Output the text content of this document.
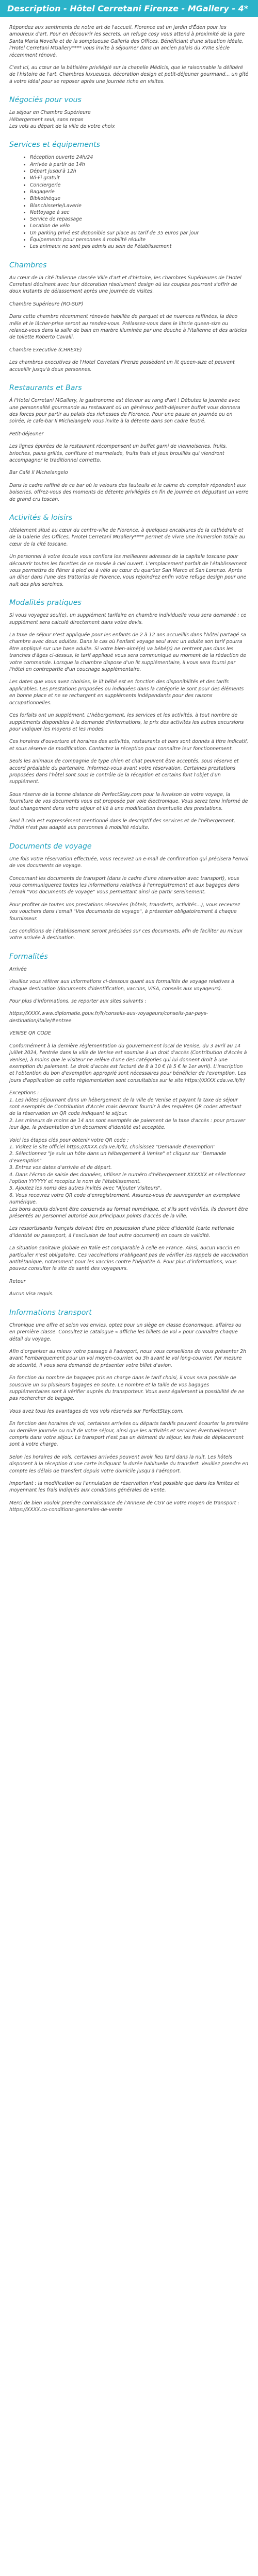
Description - Hôtel Cerretani Firenze - MGallery - 4*

Répondez aux sentiments de notre art de l'accueil. Florence est un jardin d'Éden pour les amoureux d'art. Pour en découvrir les secrets, un refuge cosy vous attend à proximité de la gare Santa Maria Novella et de la somptueuse Galleria des Offices. Bénéficiant d'une situation idéale, l'Hotel Cerretani MGallery**** vous invite à séjourner dans un ancien palais du XVIIe siècle récemment rénové.

C'est ici, au cœur de la bâtisière privilégié sur la chapelle Médicis, que le raisonnable la délibéré de l'histoire de l'art. Chambres luxueuses, décoration design et petit-déjeuner gourmand... un gîté à votre idéal pour se reposer après une journée riche en visites.

Négociés pour vous

La séjour en Chambre Supérieure
Hébergement seul, sans repas
Les vols au départ de la ville de votre choix

Services et équipements
• Réception ouverte 24h/24
• Arrivée à partir de 14h
• Départ jusqu'à 12h
• Wi-Fi gratuit
• Conciergerie
• Bagagerie
• Bibliothèque
• Blanchisserie/Laverie
• Nettoyage à sec
• Service de repassage
• Location de vélo
• Un parking privé est disponible sur place au tarif de 35 euros par jour
• Équipements pour personnes à mobilité réduite
• Les animaux ne sont pas admis au sein de l'établissement
Chambres

Au cœur de la cité italienne classée Ville d'art et d'histoire, les chambres Supérieures de l'Hotel Cerretani déclinent avec leur décoration résolument design où les couples pourront s'offrir de doux instants de délassement après une journée de visites.

Chambre Supérieure (RO-SUP)

Dans cette chambre récemment rénovée habillée de parquet et de nuances raffinées, la déco mêle et le lâcher-prise seront au rendez-vous. Prélassez-vous dans le literie queen-size ou relaxez-vous dans la salle de bain en marbre illuminée par une douche à l'italienne et des articles de toilette Roberto Cavalli.

Chambre Executive (CHREXE)

Les chambres executives de l'Hotel Cerretani Firenze possèdent un lit queen-size et peuvent accueillir jusqu'à deux personnes.

Restaurants et Bars

À l'Hotel Cerretani MGallery, le gastronome est éleveur au rang d'art ! Débutez la journée avec une personnalité gourmande au restaurant où un généreux petit-déjeuner buffet vous donnera des forces pour partir au palais des richesses de Florence. Pour une pause en journée ou en soirée, le cafe-bar Il Michelangelo vous invite à la détente dans son cadre feutré.

Petit-déjeuner

Les lignes épurées de la restaurant récompensent un buffet garni de viennoiseries, fruits, brioches, pains grillés, confiture et marmelade, fruits frais et jeux brouillés qui viendront accompagner le traditionnel cornetto.

Bar Café Il Michelangelo

Dans le cadre raffiné de ce bar où le velours des fauteuils et le calme du comptoir répondent aux boiseries, offrez-vous des moments de détente privilégiés en fin de journée en dégustant un verre de grand cru toscan.

Activités & loisirs

Idéalement situé au cœur du centre-ville de Florence, à quelques encablures de la cathédrale et de la Galerie des Offices, l'Hotel Cerretani MGallery**** permet de vivre une immersion totale au cœur de la cité toscane.

Un personnel à votre écoute vous confiera les meilleures adresses de la capitale toscane pour découvrir toutes les facettes de ce musée à ciel ouvert. L'emplacement parfait de l'établissement vous permettra de flâner à pied ou à vélo au cœur du quartier San Marco et San Lorenzo. Après un dîner dans l'une des trattorias de Florence, vous rejoindrez enfin votre refuge design pour une nuit des plus sereines.

Modalités pratiques

Si vous voyagez seul(e), un supplément tarifaire en chambre individuelle vous sera demandé ; ce supplément sera calculé directement dans votre devis.

La taxe de séjour n'est appliquée pour les enfants de 2 à 12 ans accueillis dans l'hôtel partagé sa chambre avec deux adultes. Dans le cas où l'enfant voyage seul avec un adulte son tarif pourra être appliqué sur une base adulte. Si votre bien-aimé(e) va bébé(s) ne rentrent pas dans les tranches d'âges ci-dessus, le tarif appliqué vous sera communiqué au moment de la rédaction de votre commande. Lorsque la chambre dispose d'un lit supplémentaire, il vous sera fourni par l'hôtel en contrepartie d'un couchage supplémentaire.

Les dates que vous avez choisies, le lit bébé est en fonction des disponibilités et des tarifs applicables. Les prestations proposées ou indiquées dans la catégorie le sont pour des éléments en bonne place et ne se rechargent en suppléments indépendants pour des raisons occupationnelles.

Ces forfaits ont un supplément. L'hébergement, les services et les activités, à tout nombre de suppléments disponibles à la demande d'informations, le prix des activités les autres excursions pour indiquer les moyens et les modes.

Ces horaires d'ouverture et horaires des activités, restaurants et bars sont donnés à titre indicatif, et sous réserve de modification. Contactez la réception pour connaître leur fonctionnement.

Seuls les animaux de compagnie de type chien et chat peuvent être acceptés, sous réserve et accord préalable du partenaire. Informez-vous avant votre réservation. Certaines prestations proposées dans l'hôtel sont sous le contrôle de la réception et certains font l'objet d'un supplément.

Sous réserve de la bonne distance de PerfectStay.com pour la livraison de votre voyage, la fourniture de vos documents vous est proposée par voie électronique. Vous serez tenu informé de tout changement dans votre séjour et lié à une modification éventuelle des prestations.

Seul il cela est expressément mentionné dans le descriptif des services et de l'hébergement, l'hôtel n'est pas adapté aux personnes à mobilité réduite.

Documents de voyage

Une fois votre réservation effectuée, vous recevrez un e-mail de confirmation qui précisera l'envoi de vos documents de voyage.

Concernant les documents de transport (dans le cadre d'une réservation avec transport), vous vous communiquerez toutes les informations relatives à l'enregistrement et aux bagages dans l'email "Vos documents de voyage" vous permettant ainsi de partir sereinement.

Pour profiter de toutes vos prestations réservées (hôtels, transferts, activités...), vous recevrez vos vouchers dans l'email "Vos documents de voyage", à présenter obligatoirement à chaque fournisseur.

Les conditions de l'établissement seront précisées sur ces documents, afin de faciliter au mieux votre arrivée à destination.

Formalités

Arrivée

Veuillez vous référer aux informations ci-dessous quant aux formalités de voyage relatives à chaque destination (documents d'identification, vaccins, VISA, conseils aux voyageurs).

Pour plus d'informations, se reporter aux sites suivants :

https://XXXX.www.diplomatie.gouv.fr/fr/conseils-aux-voyageurs/conseils-par-pays-destination/italie/#entree

VENISE QR CODE

Conformément à la dernière réglementation du gouvernement local de Venise, du 3 avril au 14 juillet 2024, l'entrée dans la ville de Venise est soumise à un droit d'accès (Contribution d'Accès à Venise), à moins que le visiteur ne relève d'une des catégories qui lui donnent droit à une exemption du paiement. Le droit d'accès est facturé de 8 à 10 € (à 5 € le 1er avril). L'inscription et l'obtention du bon d'exemption approprié sont nécessaires pour bénéficier de l'exemption. Les jours d'application de cette réglementation sont consultables sur le site https://XXXX.cda.ve.it/fr/

Exceptions :

1. Les hôtes séjournant dans un hébergement de la ville de Venise et payant la taxe de séjour sont exemptés de Contribution d'Accès mais devront fournir à des requêtes QR codes attestant de la réservation un QR code indiquant le séjour.

2. Les mineurs de moins de 14 ans sont exemptés de paiement de la taxe d'accès : pour prouver leur âge, la présentation d'un document d'identité est acceptée.

Voici les étapes clés pour obtenir votre QR code :

1. Visitez le site officiel https://XXXX.cda.ve.it/fr/, choisissez "Demande d'exemption"

2. Sélectionnez "Je suis un hôte dans un hébergement à Venise" et cliquez sur "Demande d'exemption"

3. Entrez vos dates d'arrivée et de départ.

4. Dans l'écran de saisie des données, utilisez le numéro d'hébergement XXXXXX et sélectionnez l'option YYYYYY et recopiez le nom de l'établissement.

5. Ajoutez les noms des autres invités avec "Ajouter Visiteurs".

6. Vous recevrez votre QR code d'enregistrement. Assurez-vous de sauvegarder un exemplaire numérique.

Les bons acquis doivent être conservés au format numérique, et s'ils sont vérifiés, ils devront être présentés au personnel autorisé aux principaux points d'accès de la ville.

Les ressortissants français doivent être en possession d'une pièce d'identité (carte nationale d'identité ou passeport, à l'exclusion de tout autre document) en cours de validité.

La situation sanitaire globale en Italie est comparable à celle en France. Ainsi, aucun vaccin en particulier n'est obligatoire. Ces vaccinations n'obligeant pas de vérifier les rappels de vaccination antitétanique, notamment pour les vaccins contre l'hépatite A. Pour plus d'informations, vous pouvez consulter le site de santé des voyageurs.

Retour

Aucun visa requis.

Informations transport

Chronique une offre et selon vos envies, optez pour un siège en classe économique, affaires ou en première classe. Consultez le catalogue « affiche les billets de vol » pour connaître chaque détail du voyage.

Afin d'organiser au mieux votre passage à l'aéroport, nous vous conseillons de vous présenter 2h avant l'embarquement pour un vol moyen-courrier, ou 3h avant le vol long-courrier. Par mesure de sécurité, il vous sera demandé de présenter votre billet d'avion.

En fonction du nombre de bagages pris en charge dans le tarif choisi, il vous sera possible de souscrire un ou plusieurs bagages en soute. Le nombre et la taille de vos bagages supplémentaires sont à vérifier auprès du transporteur. Vous avez également la possibilité de ne pas rechercher de bagage.

Vous avez tous les avantages de vos vols réservés sur PerfectStay.com.

En fonction des horaires de vol, certaines arrivées ou départs tardifs peuvent écourter la première ou dernière journée ou nuit de votre séjour, ainsi que les activités et services éventuellement compris dans votre séjour. Le transport n'est pas un élément du séjour, les frais de déplacement sont à votre charge.

Selon les horaires de vols, certaines arrivées peuvent avoir lieu tard dans la nuit. Les hôtels disposent à la réception d'une carte indiquant la durée habituelle du transfert. Veuillez prendre en compte les délais de transfert depuis votre domicile jusqu'à l'aéroport.

Important : la modification ou l'annulation de réservation n'est possible que dans les limites et moyennant les frais indiqués aux conditions générales de vente.

Merci de bien vouloir prendre connaissance de l'Annexe de CGV de votre moyen de transport : https://XXXX.co-conditions-generales-de-vente
